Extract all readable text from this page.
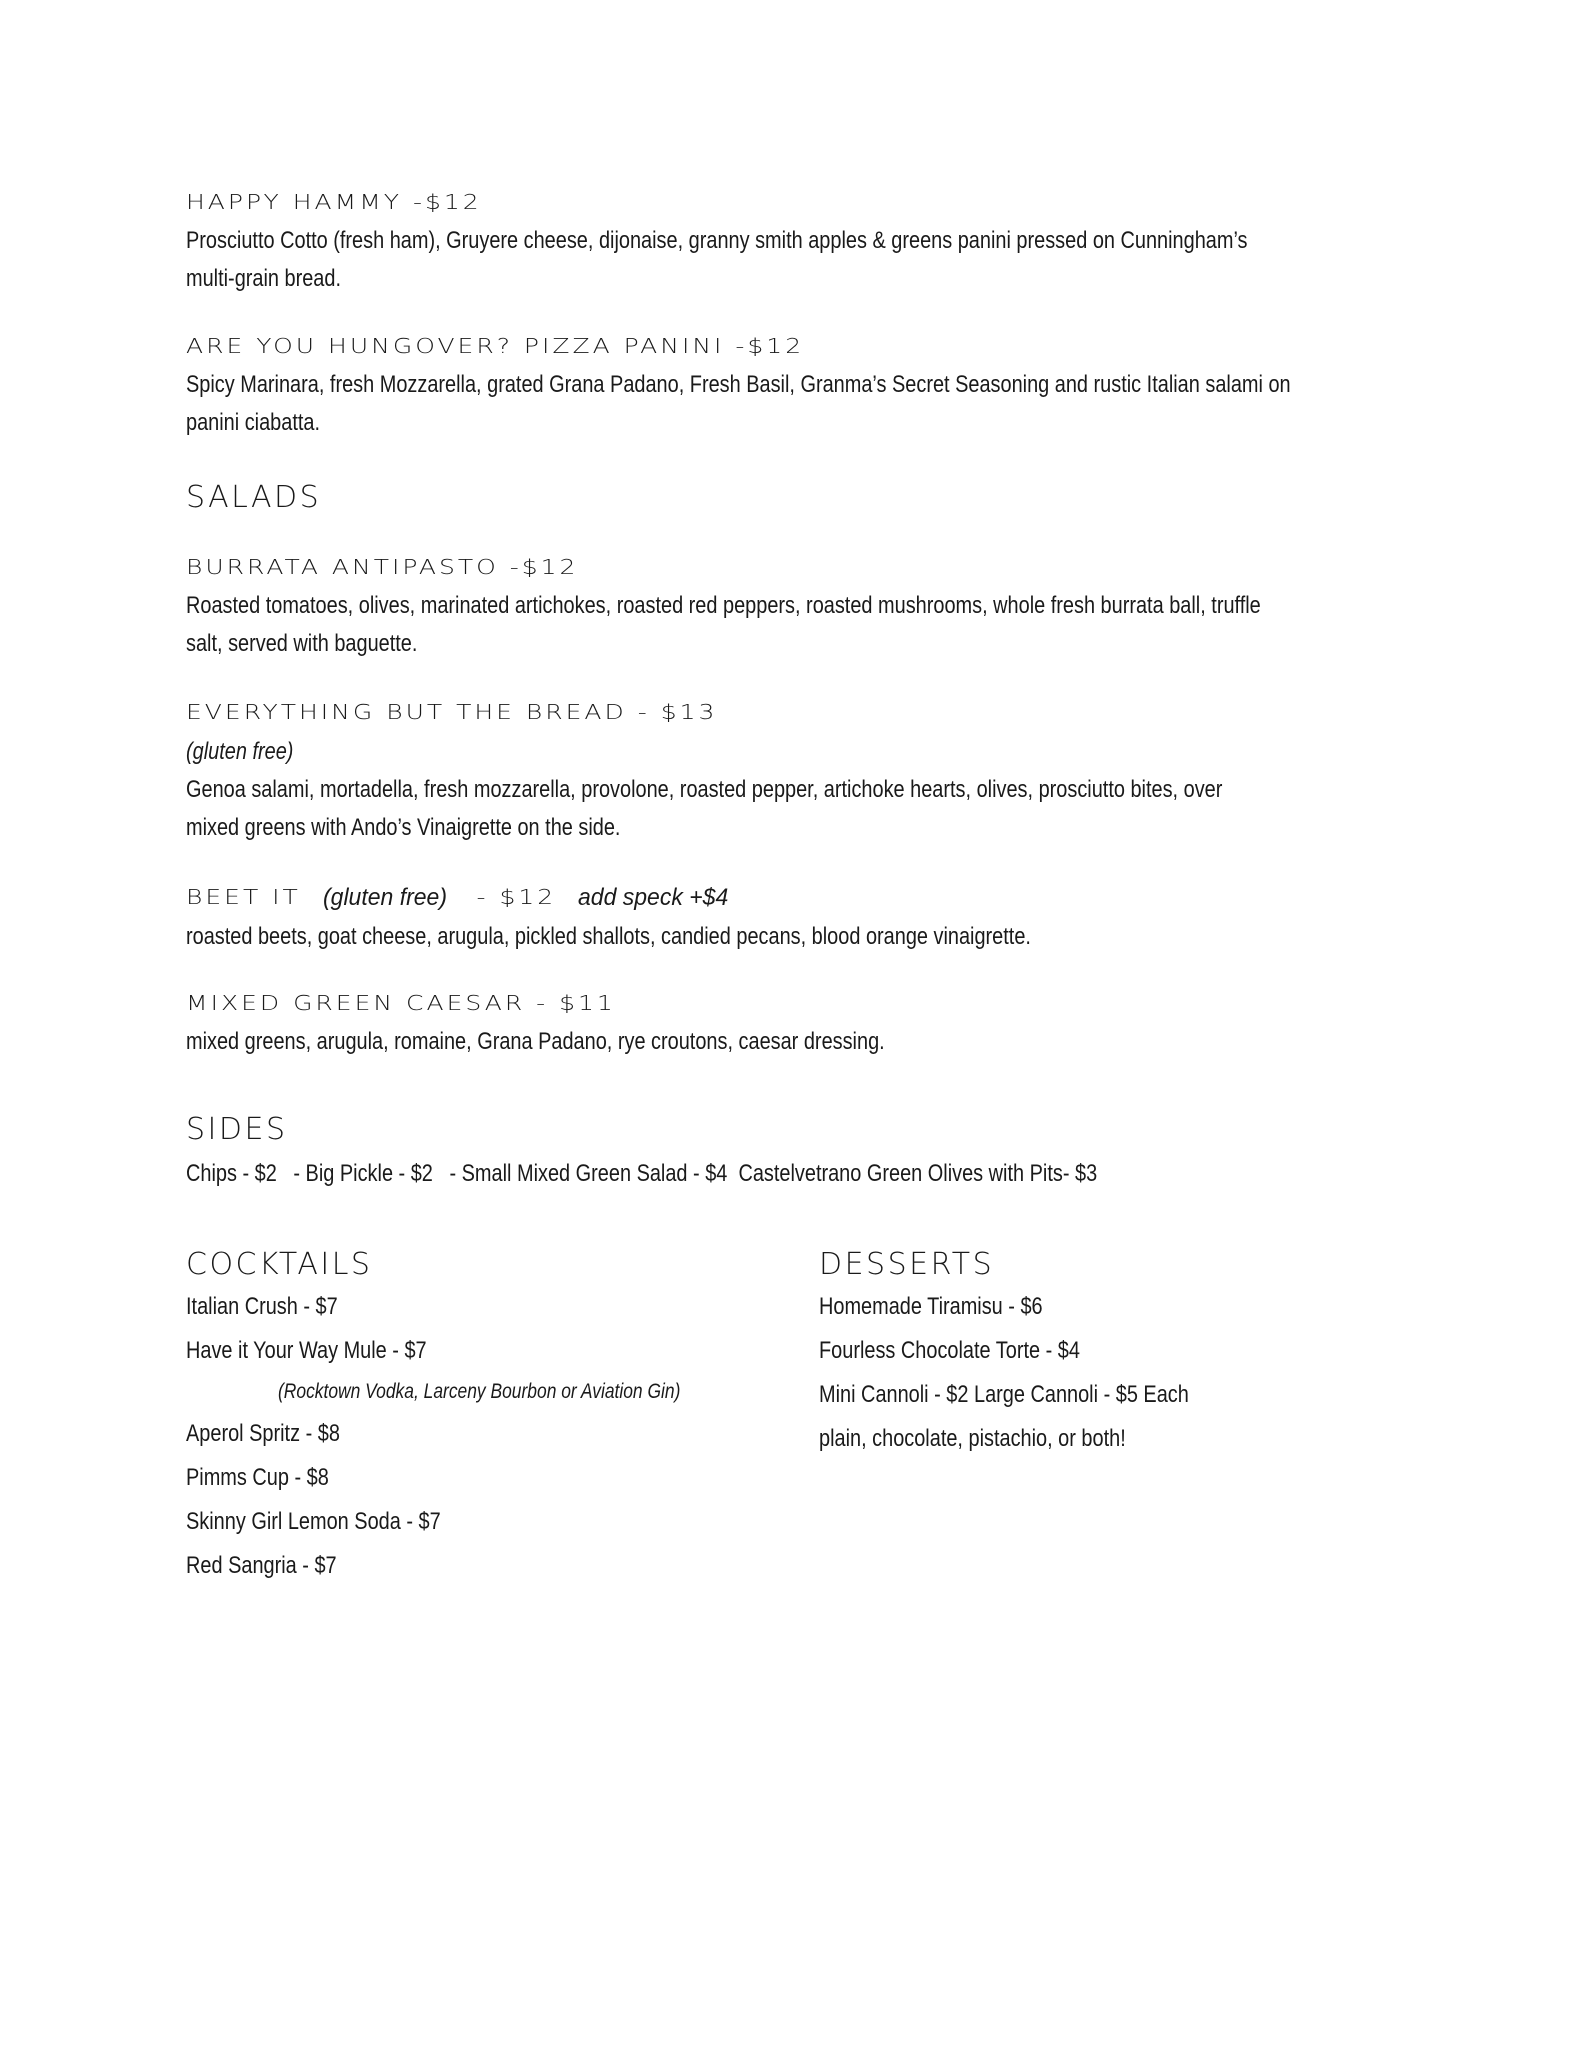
HAPPY HAMMY -$12
Prosciutto Cotto (fresh ham), Gruyere cheese, dijonaise, granny smith apples & greens panini pressed on Cunningham’s
multi-grain bread.
ARE YOU HUNGOVER? PIZZA PANINI -$12
Spicy Marinara, fresh Mozzarella, grated Grana Padano, Fresh Basil, Granma’s Secret Seasoning and rustic Italian salami on
panini ciabatta.
SALADS
BURRATA ANTIPASTO -$12
Roasted tomatoes, olives, marinated artichokes, roasted red peppers, roasted mushrooms, whole fresh burrata ball, truffle
salt, served with baguette.
EVERYTHING BUT THE BREAD - $13
(gluten free)
Genoa salami, mortadella, fresh mozzarella, provolone, roasted pepper, artichoke hearts, olives, prosciutto bites, over
mixed greens with Ando’s Vinaigrette on the side.
BEET IT (gluten free) - $12 add speck +$4
roasted beets, goat cheese, arugula, pickled shallots, candied pecans, blood orange vinaigrette.
MIXED GREEN CAESAR - $11
mixed greens, arugula, romaine, Grana Padano, rye croutons, caesar dressing.
SIDES
Chips - $2   - Big Pickle - $2   - Small Mixed Green Salad - $4  Castelvetrano Green Olives with Pits- $3
COCKTAILS
Italian Crush - $7
Have it Your Way Mule - $7
(Rocktown Vodka, Larceny Bourbon or Aviation Gin)
Aperol Spritz - $8
Pimms Cup - $8
Skinny Girl Lemon Soda - $7
Red Sangria - $7
DESSERTS
Homemade Tiramisu - $6
Fourless Chocolate Torte - $4
Mini Cannoli - $2 Large Cannoli - $5 Each
plain, chocolate, pistachio, or both!
